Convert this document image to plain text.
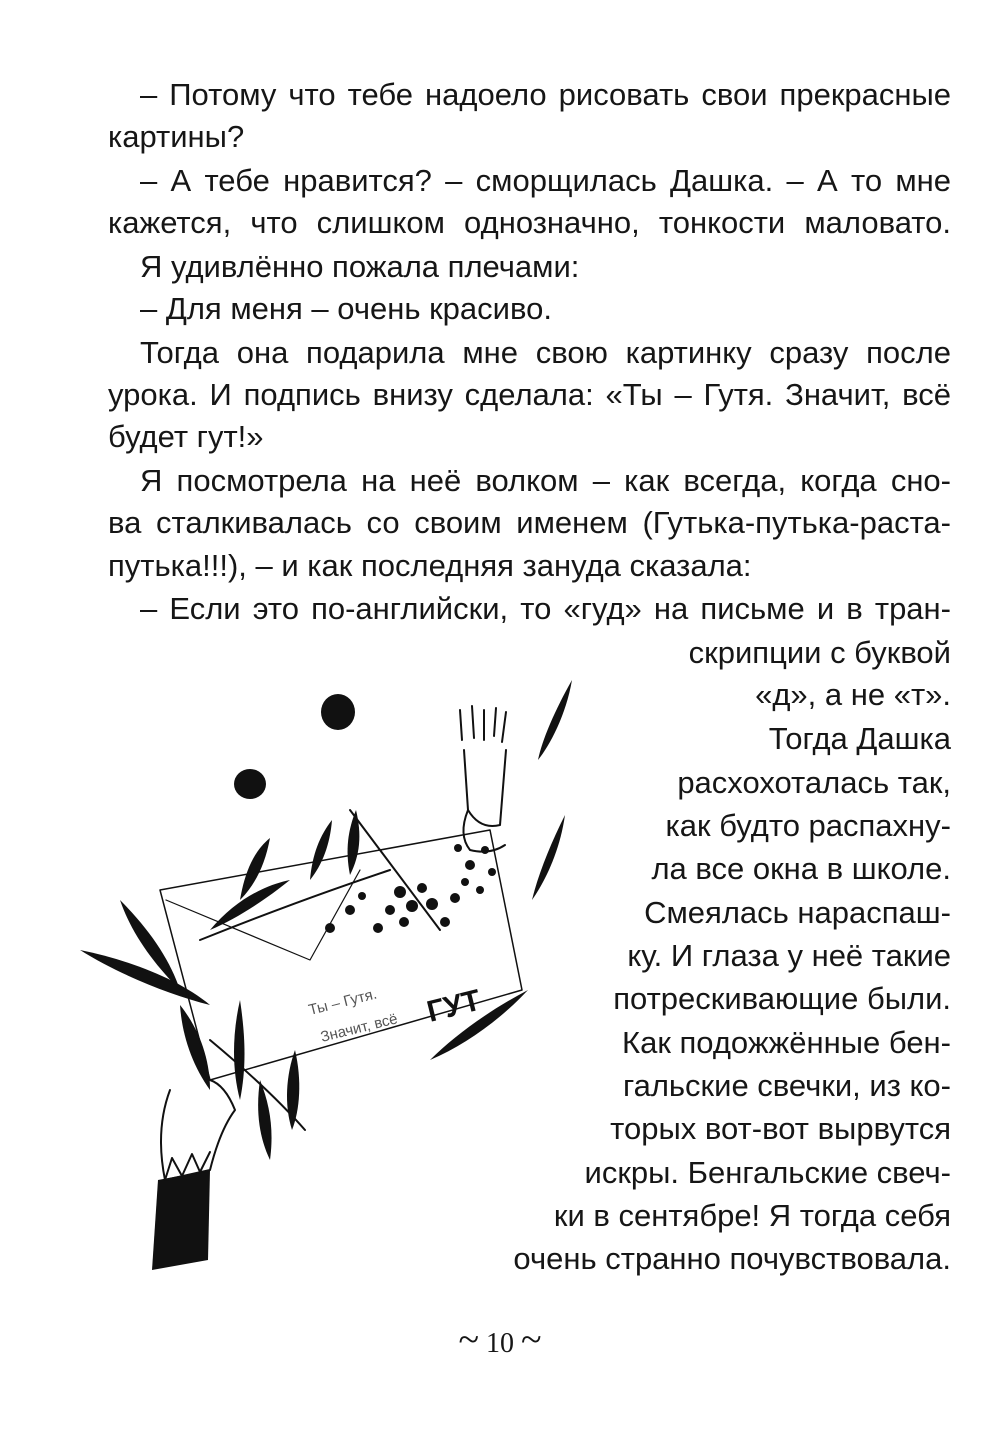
– Потому что тебе надоело рисовать свои прекрасные

картины?

– А тебе нравится? – сморщилась Дашка. – А то мне

кажется, что слишком однозначно, тонкости маловато.

Я удивлённо пожала плечами:

– Для меня – очень красиво.

Тогда она подарила мне свою картинку сразу после

урока. И подпись внизу сделала: «Ты – Гутя. Значит, всё

будет гут!»

Я посмотрела на неё волком – как всегда, когда сно-

ва сталкивалась со своим именем (Гутька-путька-раста-

путька!!!), – и как последняя зануда сказала:

– Если это по-английски, то «гуд» на письме и в тран-

скрипции с буквой

«д», а не «т».

Тогда Дашка

расхохоталась так,

как будто распахну-

ла все окна в школе.

Смеялась нараспаш-

ку. И глаза у неё такие

потрескивающие были.

Как подожжённые бен-

гальские свечки, из ко-

торых вот-вот вырвутся

искры. Бенгальские свеч-

ки в сентябре! Я тогда себя

очень странно почувствовала.

Ты – Гутя.
Значит, всё ГУТ
~ 10 ~
